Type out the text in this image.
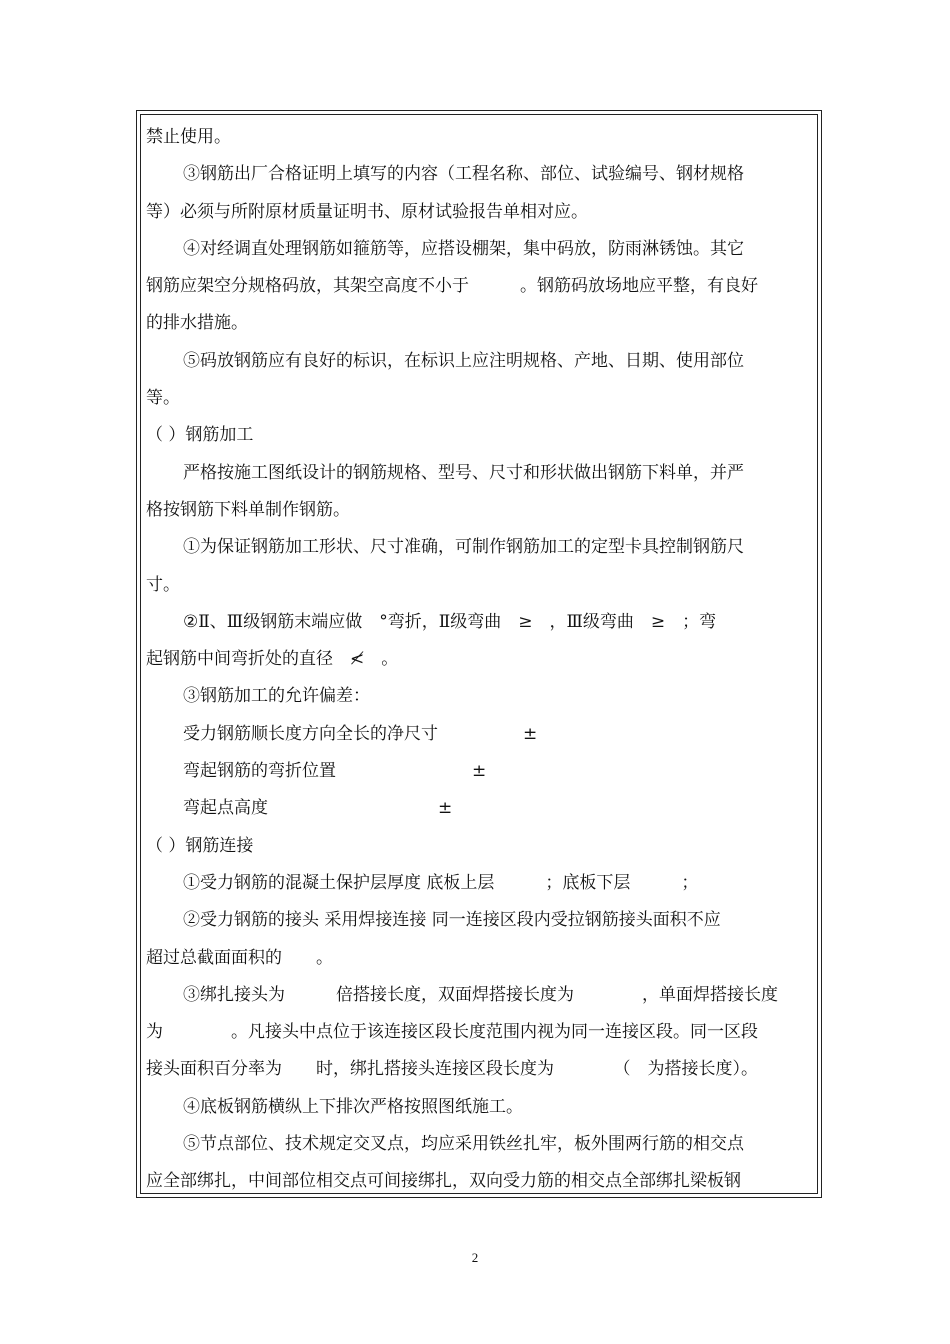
禁止使用。
③钢筋出厂合格证明上填写的内容（工程名称、部位、试验编号、钢材规格
等）必须与所附原材质量证明书、原材试验报告单相对应。
④对经调直处理钢筋如箍筋等，应搭设棚架，集中码放，防雨淋锈蚀。其它
钢筋应架空分规格码放，其架空高度不小于　　　。钢筋码放场地应平整，有良好
的排水措施。
⑤码放钢筋应有良好的标识，在标识上应注明规格、产地、日期、使用部位
等。
（ ）钢筋加工
严格按施工图纸设计的钢筋规格、型号、尺寸和形状做出钢筋下料单，并严
格按钢筋下料单制作钢筋。
①为保证钢筋加工形状、尺寸准确，可制作钢筋加工的定型卡具控制钢筋尺
寸。
②Ⅱ、Ⅲ级钢筋末端应做　°弯折，Ⅱ级弯曲　≥　，Ⅲ级弯曲　≥　；弯
起钢筋中间弯折处的直径　≮　。
③钢筋加工的允许偏差：
受力钢筋顺长度方向全长的净尺寸　　　　　±
弯起钢筋的弯折位置　　　　　　　　±
弯起点高度　　　　　　　　　　±
（ ）钢筋连接
①受力钢筋的混凝土保护层厚度 底板上层　　　；底板下层　　　；
②受力钢筋的接头 采用焊接连接 同一连接区段内受拉钢筋接头面积不应
超过总截面面积的　　。
③绑扎接头为　　　倍搭接长度，双面焊搭接长度为　　　　，单面焊搭接长度
为　　　　。凡接头中点位于该连接区段长度范围内视为同一连接区段。同一区段
接头面积百分率为　　时，绑扎搭接头连接区段长度为　　　　（　为搭接长度）。
④底板钢筋横纵上下排次严格按照图纸施工。
⑤节点部位、技术规定交叉点，均应采用铁丝扎牢，板外围两行筋的相交点
应全部绑扎，中间部位相交点可间接绑扎，双向受力筋的相交点全部绑扎梁板钢
2
